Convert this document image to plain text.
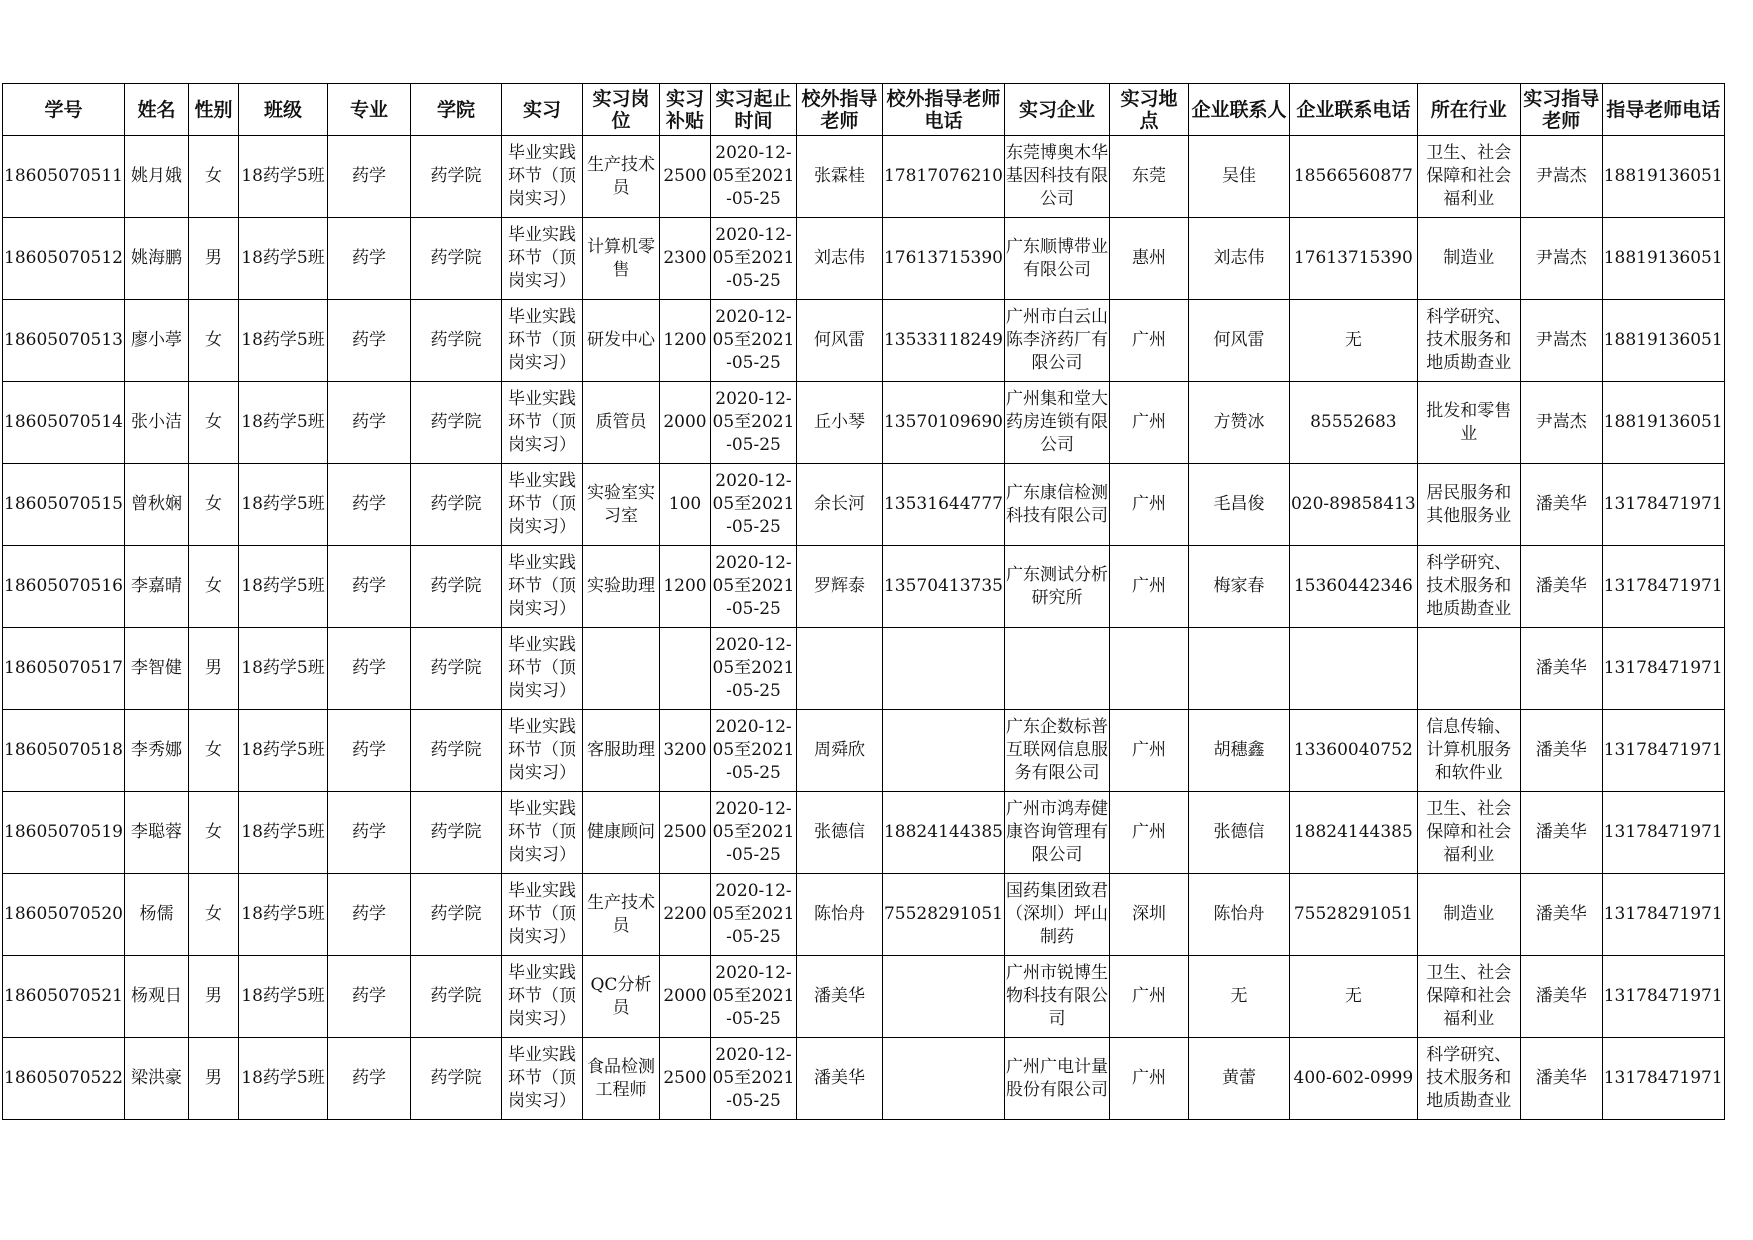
学号	姓名	性别	班级	专业	学院	实习	实习岗位	实习补贴	实习起止时间	校外指导老师	校外指导老师电话	实习企业	实习地点	企业联系人	企业联系电话	所在行业	实习指导老师	指导老师电话

18605070511	姚月娥	女	18药学5班	药学	药学院	毕业实践环节（顶岗实习）	生产技术员	2500	2020-12-05至2021-05-25	张霖桂	17817076210	东莞博奥木华基因科技有限公司	东莞	吴佳	18566560877	卫生、社会保障和社会福利业	尹嵩杰	18819136051

18605070512	姚海鹏	男	18药学5班	药学	药学院	毕业实践环节（顶岗实习）	计算机零售	2300	2020-12-05至2021-05-25	刘志伟	17613715390	广东顺博带业有限公司	惠州	刘志伟	17613715390	制造业	尹嵩杰	18819136051

18605070513	廖小葶	女	18药学5班	药学	药学院	毕业实践环节（顶岗实习）	研发中心	1200	2020-12-05至2021-05-25	何风雷	13533118249	广州市白云山陈李济药厂有限公司	广州	何风雷	无	科学研究、技术服务和地质勘查业	尹嵩杰	18819136051

18605070514	张小洁	女	18药学5班	药学	药学院	毕业实践环节（顶岗实习）	质管员	2000	2020-12-05至2021-05-25	丘小琴	13570109690	广州集和堂大药房连锁有限公司	广州	方赞冰	85552683	批发和零售业	尹嵩杰	18819136051

18605070515	曾秋娴	女	18药学5班	药学	药学院	毕业实践环节（顶岗实习）	实验室实习室	100	2020-12-05至2021-05-25	余长河	13531644777	广东康信检测科技有限公司	广州	毛昌俊	020-89858413	居民服务和其他服务业	潘美华	13178471971

18605070516	李嘉晴	女	18药学5班	药学	药学院	毕业实践环节（顶岗实习）	实验助理	1200	2020-12-05至2021-05-25	罗辉泰	13570413735	广东测试分析研究所	广州	梅家春	15360442346	科学研究、技术服务和地质勘查业	潘美华	13178471971

18605070517	李智健	男	18药学5班	药学	药学院	毕业实践环节（顶岗实习）			2020-12-05至2021-05-25								潘美华	13178471971

18605070518	李秀娜	女	18药学5班	药学	药学院	毕业实践环节（顶岗实习）	客服助理	3200	2020-12-05至2021-05-25	周舜欣		广东企数标普互联网信息服务有限公司	广州	胡穗鑫	13360040752	信息传输、计算机服务和软件业	潘美华	13178471971

18605070519	李聪蓉	女	18药学5班	药学	药学院	毕业实践环节（顶岗实习）	健康顾问	2500	2020-12-05至2021-05-25	张德信	18824144385	广州市鸿寿健康咨询管理有限公司	广州	张德信	18824144385	卫生、社会保障和社会福利业	潘美华	13178471971

18605070520	杨儒	女	18药学5班	药学	药学院	毕业实践环节（顶岗实习）	生产技术员	2200	2020-12-05至2021-05-25	陈怡舟	75528291051	国药集团致君（深圳）坪山制药	深圳	陈怡舟	75528291051	制造业	潘美华	13178471971

18605070521	杨观日	男	18药学5班	药学	药学院	毕业实践环节（顶岗实习）	QC分析员	2000	2020-12-05至2021-05-25	潘美华		广州市锐博生物科技有限公司	广州	无	无	卫生、社会保障和社会福利业	潘美华	13178471971

18605070522	梁洪豪	男	18药学5班	药学	药学院	毕业实践环节（顶岗实习）	食品检测工程师	2500	2020-12-05至2021-05-25	潘美华		广州广电计量股份有限公司	广州	黄蕾	400-602-0999	科学研究、技术服务和地质勘查业	潘美华	13178471971
